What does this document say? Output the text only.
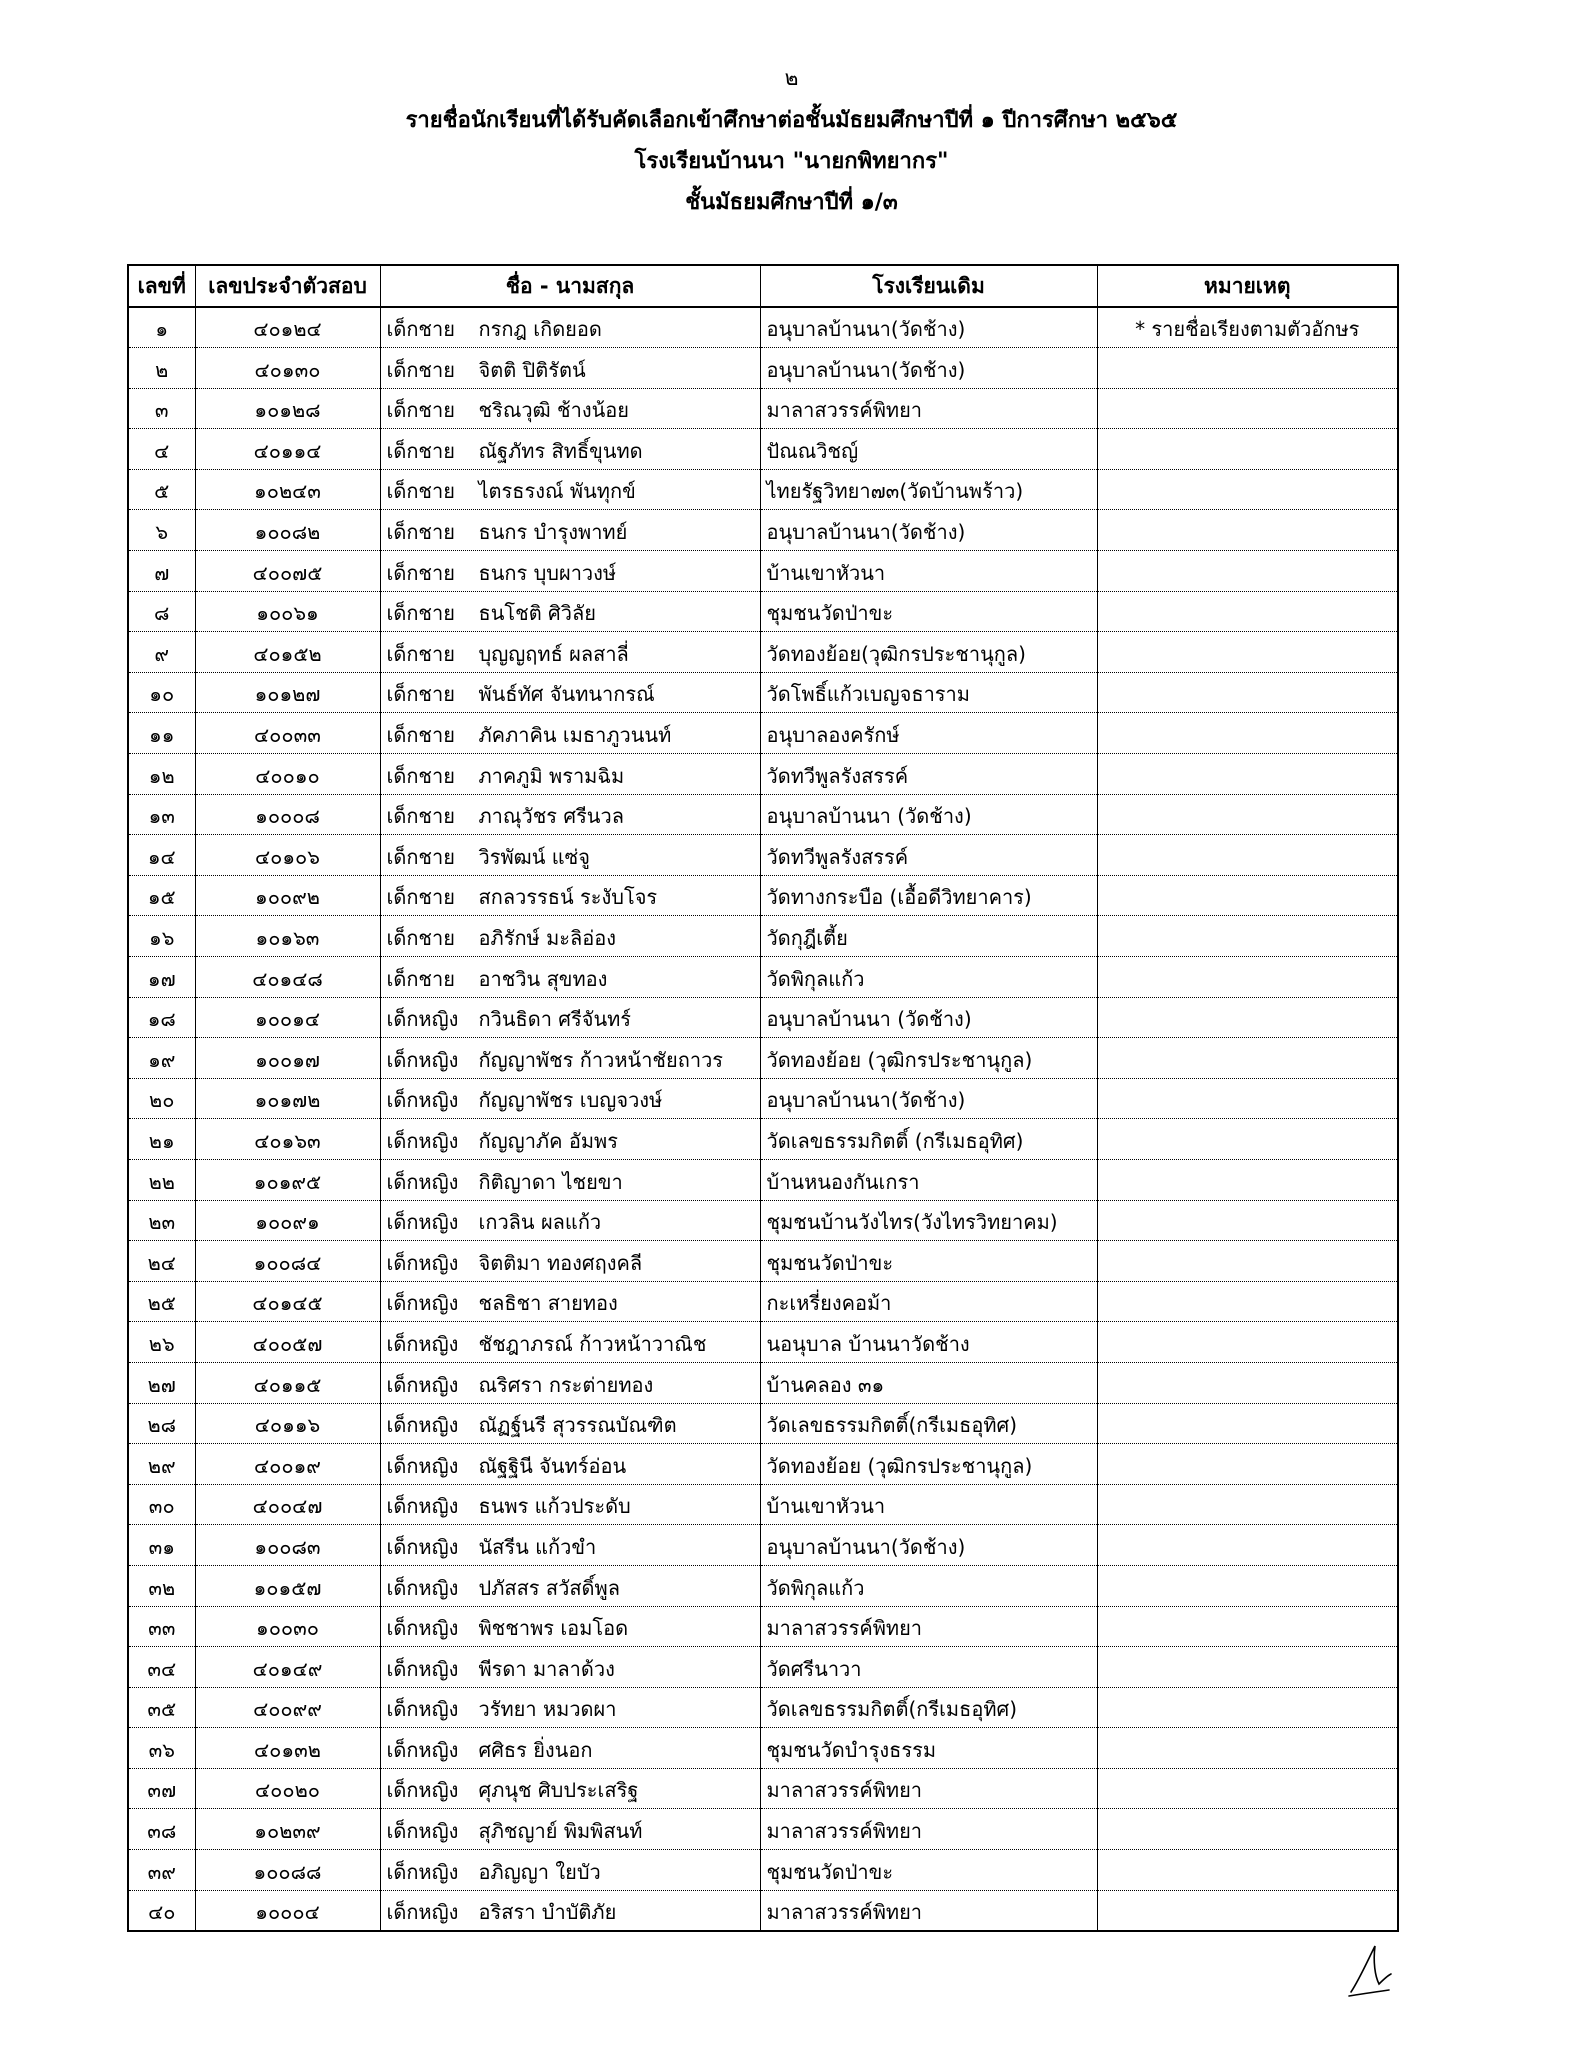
๒
รายชื่อนักเรียนที่ได้รับคัดเลือกเข้าศึกษาต่อชั้นมัธยมศึกษาปีที่ ๑ ปีการศึกษา ๒๕๖๕
โรงเรียนบ้านนา "นายกพิทยากร"
ชั้นมัธยมศึกษาปีที่ ๑/๓
เลขที่	เลขประจำตัวสอบ	ชื่อ - นามสกุล	โรงเรียนเดิม	หมายเหตุ
๑	๔๐๑๒๔	เด็กชาย กรกฎ เกิดยอด	อนุบาลบ้านนา(วัดช้าง)	* รายชื่อเรียงตามตัวอักษร
๒	๔๐๑๓๐	เด็กชาย จิตติ ปิติรัตน์	อนุบาลบ้านนา(วัดช้าง)	
๓	๑๐๑๒๘	เด็กชาย ชริณวุฒิ ช้างน้อย	มาลาสวรรค์พิทยา	
๔	๔๐๑๑๔	เด็กชาย ณัฐภัทร สิทธิ์ขุนทด	ปัณณวิชญ์	
๕	๑๐๒๔๓	เด็กชาย ไตรธรงณ์ พันทุกข์	ไทยรัฐวิทยา๗๓(วัดบ้านพร้าว)	
๖	๑๐๐๘๒	เด็กชาย ธนกร บำรุงพาทย์	อนุบาลบ้านนา(วัดช้าง)	
๗	๔๐๐๗๕	เด็กชาย ธนกร บุบผาวงษ์	บ้านเขาหัวนา	
๘	๑๐๐๖๑	เด็กชาย ธนโชติ ศิวิลัย	ชุมชนวัดป่าขะ	
๙	๔๐๑๕๒	เด็กชาย บุญญฤทธ์ ผลสาลี่	วัดทองย้อย(วุฒิกรประชานุกูล)	
๑๐	๑๐๑๒๗	เด็กชาย พันธ์ทัศ จันทนากรณ์	วัดโพธิ์แก้วเบญจธาราม	
๑๑	๔๐๐๓๓	เด็กชาย ภัคภาคิน เมธาภูวนนท์	อนุบาลองครักษ์	
๑๒	๔๐๐๑๐	เด็กชาย ภาคภูมิ พรามฉิม	วัดทวีพูลรังสรรค์	
๑๓	๑๐๐๐๘	เด็กชาย ภาณุวัชร ศรีนวล	อนุบาลบ้านนา (วัดช้าง)	
๑๔	๔๐๑๐๖	เด็กชาย วิรพัฒน์ แซ่จู	วัดทวีพูลรังสรรค์	
๑๕	๑๐๐๙๒	เด็กชาย สกลวรรธน์ ระงับโจร	วัดทางกระบือ (เอื้อดีวิทยาคาร)	
๑๖	๑๐๑๖๓	เด็กชาย อภิรักษ์ มะลิอ่อง	วัดกุฎีเตี้ย	
๑๗	๔๐๑๔๘	เด็กชาย อาชวิน สุขทอง	วัดพิกุลแก้ว	
๑๘	๑๐๐๑๔	เด็กหญิง กวินธิดา ศรีจันทร์	อนุบาลบ้านนา (วัดช้าง)	
๑๙	๑๐๐๑๗	เด็กหญิง กัญญาพัชร ก้าวหน้าชัยถาวร	วัดทองย้อย (วุฒิกรประชานุกูล)	
๒๐	๑๐๑๗๒	เด็กหญิง กัญญาพัชร เบญจวงษ์	อนุบาลบ้านนา(วัดช้าง)	
๒๑	๔๐๑๖๓	เด็กหญิง กัญญาภัค อัมพร	วัดเลขธรรมกิตติ์ (กรีเมธอุทิศ)	
๒๒	๑๐๑๙๕	เด็กหญิง กิติญาดา ไชยขา	บ้านหนองกันเกรา	
๒๓	๑๐๐๙๑	เด็กหญิง เกวลิน ผลแก้ว	ชุมชนบ้านวังไทร(วังไทรวิทยาคม)	
๒๔	๑๐๐๘๔	เด็กหญิง จิตติมา ทองศฤงคลี	ชุมชนวัดป่าขะ	
๒๕	๔๐๑๔๕	เด็กหญิง ชลธิชา สายทอง	กะเหรี่ยงคอม้า	
๒๖	๔๐๐๕๗	เด็กหญิง ชัชฎาภรณ์ ก้าวหน้าวาณิช	นอนุบาล บ้านนาวัดช้าง	
๒๗	๔๐๑๑๕	เด็กหญิง ณริศรา กระต่ายทอง	บ้านคลอง ๓๑	
๒๘	๔๐๑๑๖	เด็กหญิง ณัฏฐ์นรี สุวรรณบัณฑิต	วัดเลขธรรมกิตติ์(กรีเมธอุทิศ)	
๒๙	๔๐๐๑๙	เด็กหญิง ณัฐฐินี จันทร์อ่อน	วัดทองย้อย (วุฒิกรประชานุกูล)	
๓๐	๔๐๐๔๗	เด็กหญิง ธนพร แก้วประดับ	บ้านเขาหัวนา	
๓๑	๑๐๐๘๓	เด็กหญิง นัสรีน แก้วขำ	อนุบาลบ้านนา(วัดช้าง)	
๓๒	๑๐๑๕๗	เด็กหญิง ปภัสสร สวัสดิ์พูล	วัดพิกุลแก้ว	
๓๓	๑๐๐๓๐	เด็กหญิง พิชชาพร เอมโอด	มาลาสวรรค์พิทยา	
๓๔	๔๐๑๔๙	เด็กหญิง พีรดา มาลาด้วง	วัดศรีนาวา	
๓๕	๔๐๐๙๙	เด็กหญิง วรัทยา หมวดผา	วัดเลขธรรมกิตติ์(กรีเมธอุทิศ)	
๓๖	๔๐๑๓๒	เด็กหญิง ศศิธร ยิ่งนอก	ชุมชนวัดบำรุงธรรม	
๓๗	๔๐๐๒๐	เด็กหญิง ศุภนุช ศิบประเสริฐ	มาลาสวรรค์พิทยา	
๓๘	๑๐๒๓๙	เด็กหญิง สุภิชญาย์ พิมพิสนท์	มาลาสวรรค์พิทยา	
๓๙	๑๐๐๘๘	เด็กหญิง อภิญญา ใยบัว	ชุมชนวัดป่าขะ	
๔๐	๑๐๐๐๔	เด็กหญิง อริสรา บำบัติภัย	มาลาสวรรค์พิทยา	
